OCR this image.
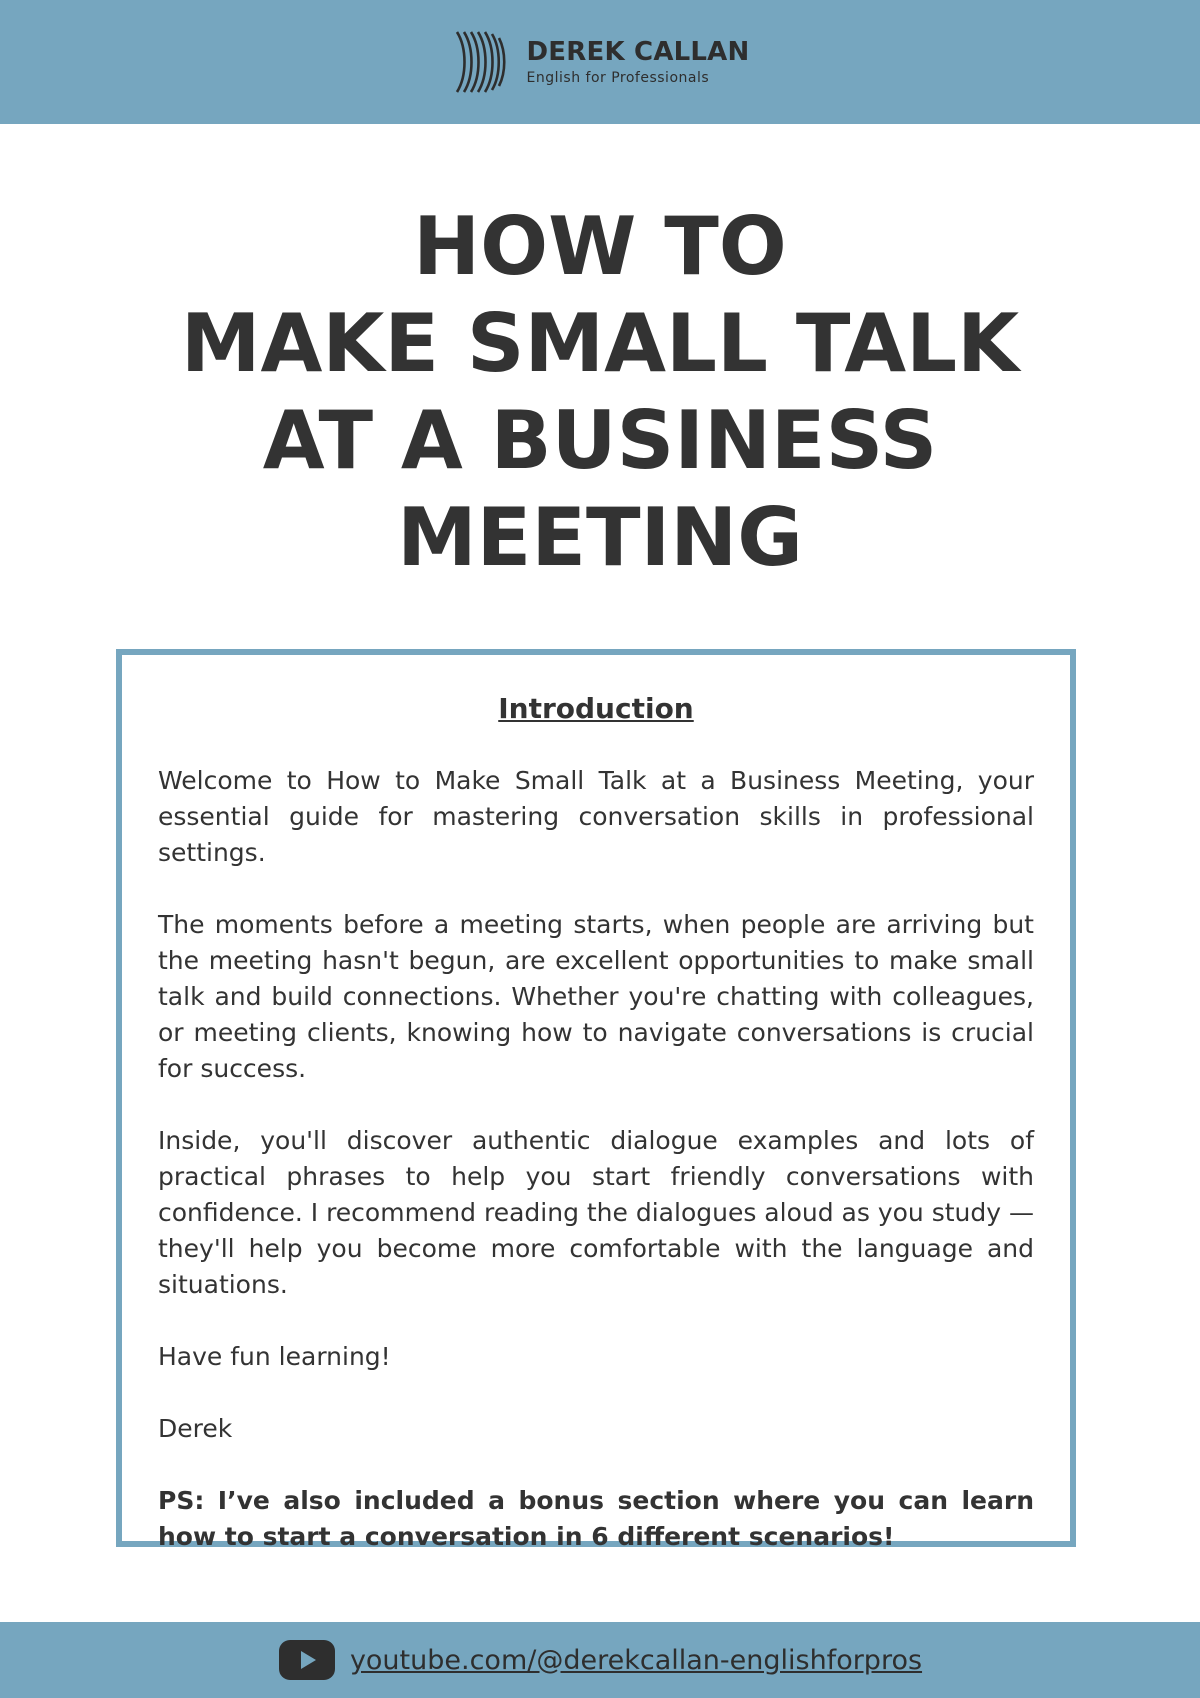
DEREK CALLAN
English for Professionals
HOW TO
MAKE SMALL TALK
AT A BUSINESS
MEETING
Introduction

Welcome to How to Make Small Talk at a Business Meeting, your essential guide for mastering conversation skills in professional settings.

The moments before a meeting starts, when people are arriving but the meeting hasn't begun, are excellent opportunities to make small talk and build connections. Whether you're chatting with colleagues, or meeting clients, knowing how to navigate conversations is crucial for success.

Inside, you'll discover authentic dialogue examples and lots of practical phrases to help you start friendly conversations with confidence. I recommend reading the dialogues aloud as you study — they'll help you become more comfortable with the language and situations.

Have fun learning!

Derek

PS: I’ve also included a bonus section where you can learn how to start a conversation in 6 different scenarios!

youtube.com/@derekcallan-englishforpros
